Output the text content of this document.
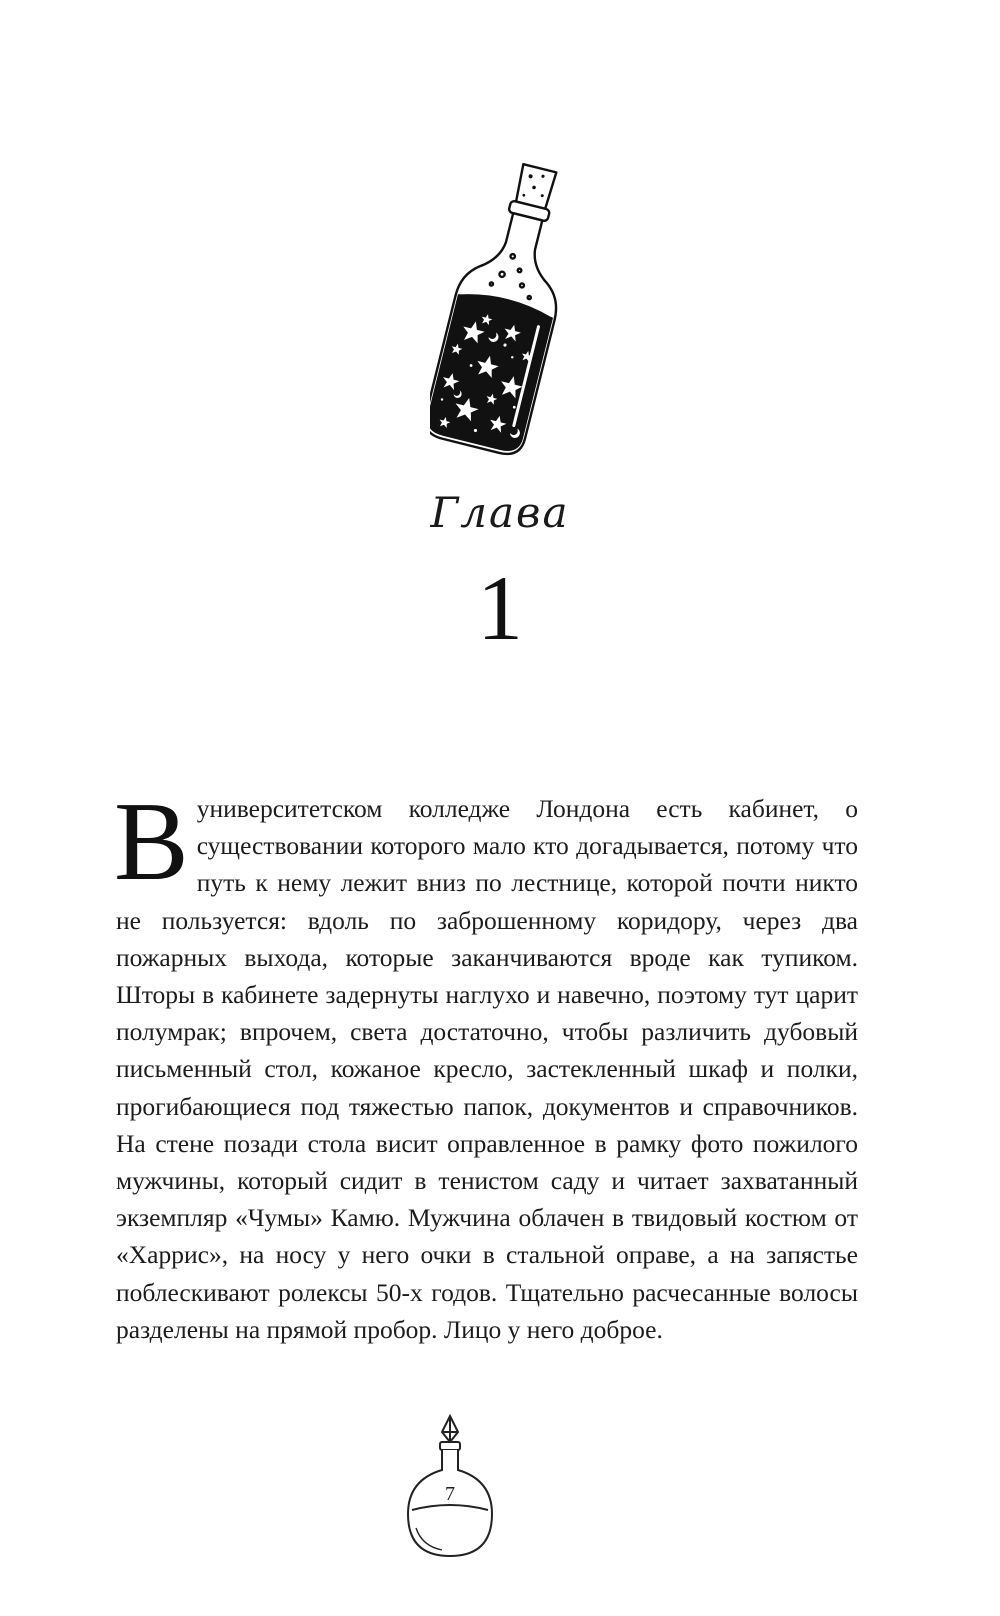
Глава
1
В университетском колледже Лондона есть кабинет, о существовании которого мало кто догадывается, потому что путь к нему лежит вниз по лестнице, которой почти никто не пользуется: вдоль по заброшенному коридору, через два пожарных выхода, которые заканчиваются вроде как тупиком. Шторы в кабинете задернуты наглухо и навечно, поэтому тут царит полумрак; впрочем, света достаточно, чтобы различить дубовый письменный стол, кожаное кресло, застекленный шкаф и полки, прогибающиеся под тяжестью папок, документов и справочников. На стене позади стола висит оправленное в рамку фото пожилого мужчины, который сидит в тенистом саду и читает захватанный экземпляр «Чумы» Камю. Мужчина облачен в твидовый костюм от «Харрис», на носу у него очки в стальной оправе, а на запястье поблескивают ролексы 50-х годов. Тщательно расчесанные волосы разделены на прямой пробор. Лицо у него доброе.
7
